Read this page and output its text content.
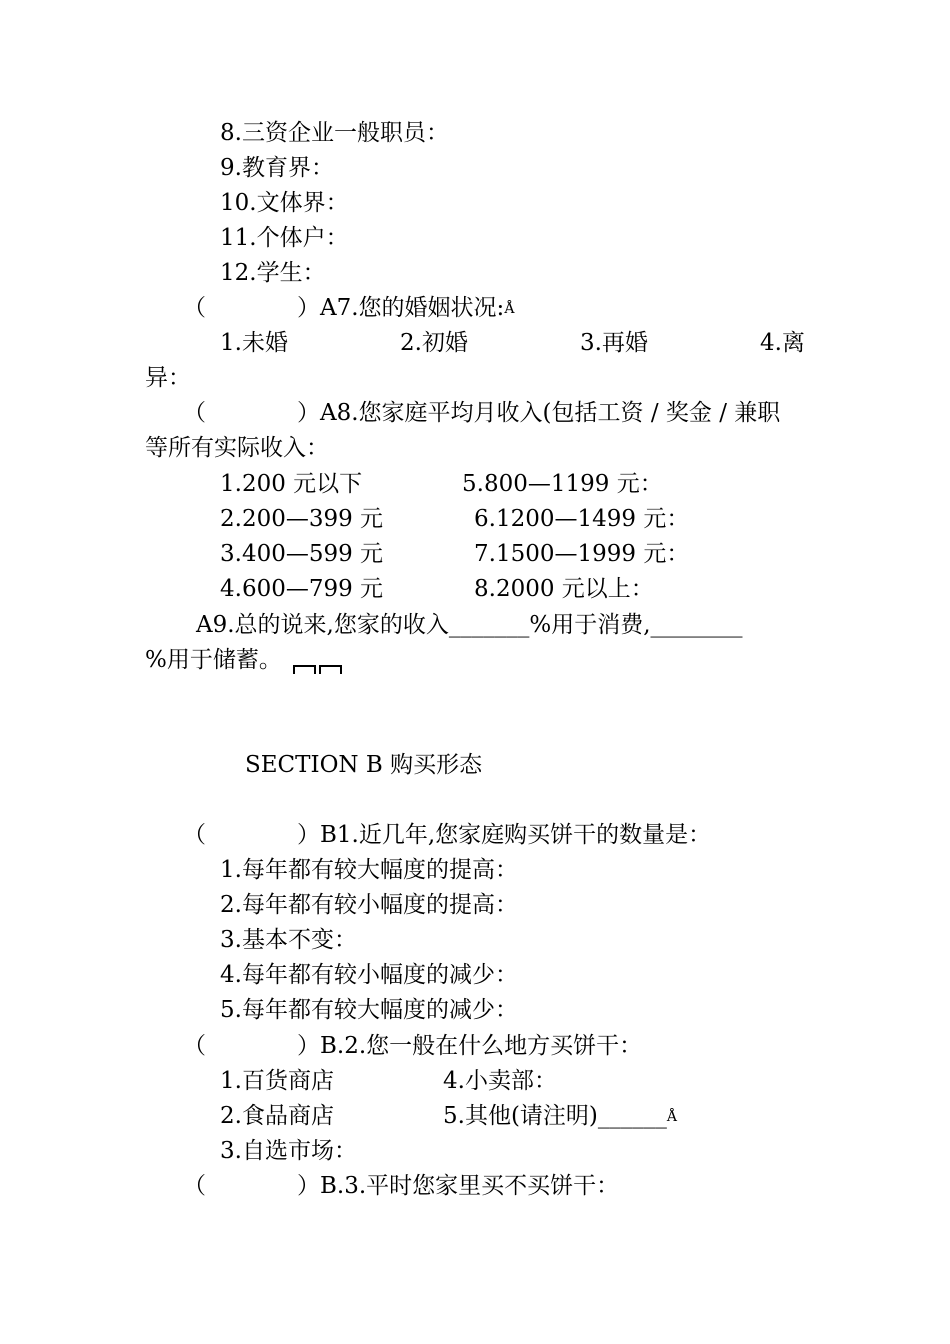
8.三资企业一般职员：
9.教育界：
10.文体界：
11.个体户：
12.学生：
（	）A7.您的婚姻状况:Å
1.未婚	2.初婚	3.再婚	4.离
异：
（	）A8.您家庭平均月收入(包括工资 / 奖金 / 兼职
等所有实际收入：
1.200 元以下	5.800—1199 元：
2.200—399 元	6.1200—1499 元：
3.400—599 元	7.1500—1999 元：
4.600—799 元	8.2000 元以上：
A9.总的说来,您家的收入_______%用于消费,________
%用于储蓄。
SECTION B 购买形态
（	）B1.近几年,您家庭购买饼干的数量是：
1.每年都有较大幅度的提高：
2.每年都有较小幅度的提高：
3.基本不变：
4.每年都有较小幅度的减少：
5.每年都有较大幅度的减少：
（	）B.2.您一般在什么地方买饼干：
1.百货商店	4.小卖部：
2.食品商店	5.其他(请注明)______Å
3.自选市场：
（	）B.3.平时您家里买不买饼干：
